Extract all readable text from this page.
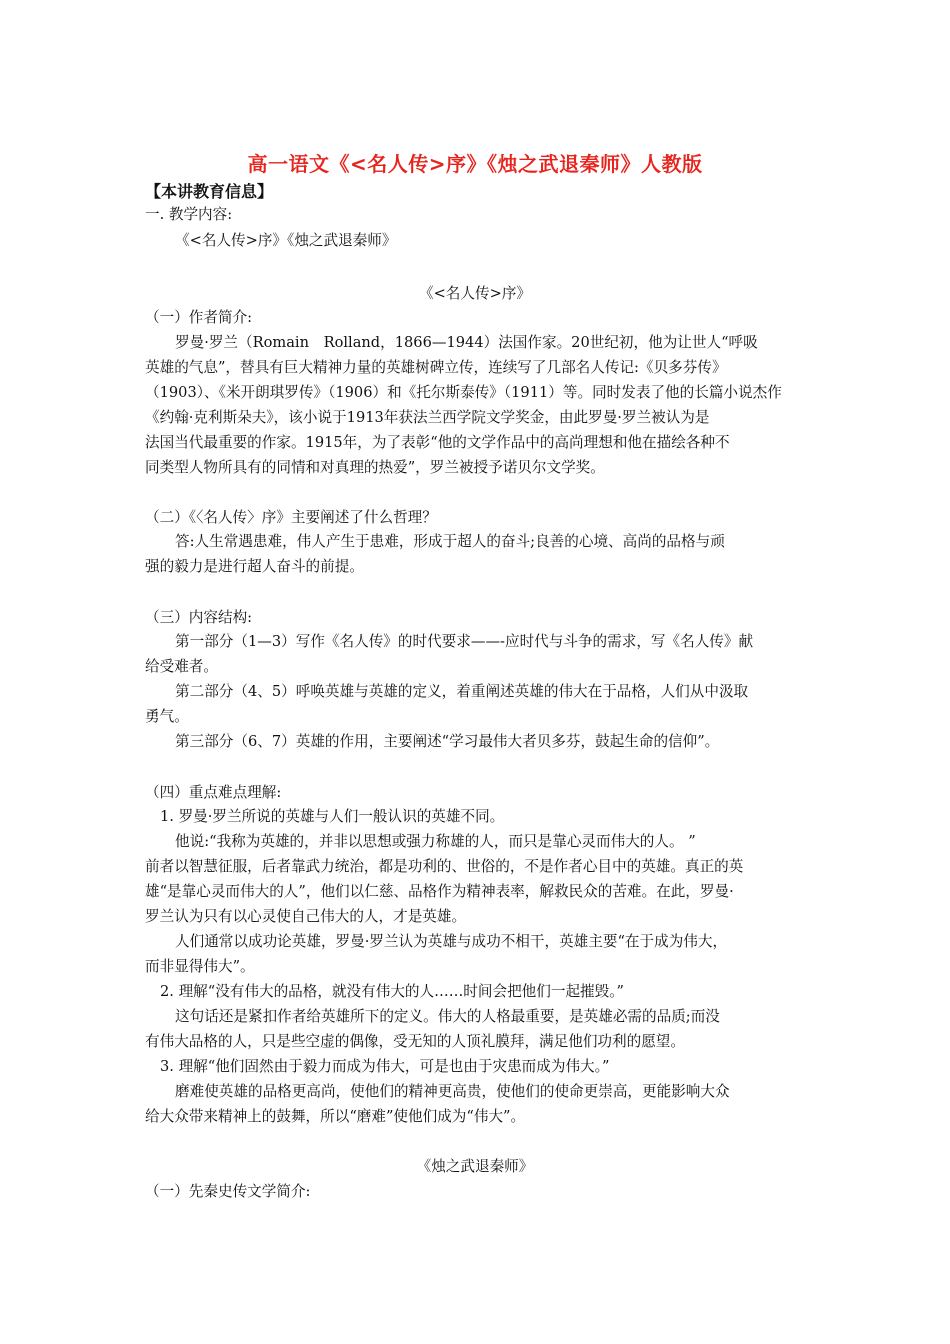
高一语文《<名人传>序》《烛之武退秦师》人教版
【本讲教育信息】
一. 教学内容:
《<名人传>序》《烛之武退秦师》
《<名人传>序》
（一）作者简介:
罗曼·罗兰（Romain　Rolland，1866—1944）法国作家。20世纪初，他为让世人“呼吸
英雄的气息”，替具有巨大精神力量的英雄树碑立传，连续写了几部名人传记:《贝多芬传》
（1903）、《米开朗琪罗传》（1906）和《托尔斯泰传》（1911）等。同时发表了他的长篇小说杰作
《约翰·克利斯朵夫》，该小说于1913年获法兰西学院文学奖金，由此罗曼·罗兰被认为是
法国当代最重要的作家。1915年，为了表彰“他的文学作品中的高尚理想和他在描绘各种不
同类型人物所具有的同情和对真理的热爱”，罗兰被授予诺贝尔文学奖。
（二）《〈名人传〉序》主要阐述了什么哲理？
答:人生常遇患难，伟人产生于患难，形成于超人的奋斗;良善的心境、高尚的品格与顽
强的毅力是进行超人奋斗的前提。
（三）内容结构:
第一部分（1—3）写作《名人传》的时代要求——-应时代与斗争的需求，写《名人传》献
给受难者。
第二部分（4、5）呼唤英雄与英雄的定义，着重阐述英雄的伟大在于品格，人们从中汲取
勇气。
第三部分（6、7）英雄的作用，主要阐述“学习最伟大者贝多芬，鼓起生命的信仰”。
（四）重点难点理解:
1. 罗曼·罗兰所说的英雄与人们一般认识的英雄不同。
他说:“我称为英雄的，并非以思想或强力称雄的人，而只是靠心灵而伟大的人。 ”
前者以智慧征服，后者靠武力统治，都是功利的、世俗的，不是作者心目中的英雄。真正的英
雄“是靠心灵而伟大的人”，他们以仁慈、品格作为精神表率，解救民众的苦难。在此，罗曼·
罗兰认为只有以心灵使自己伟大的人，才是英雄。
人们通常以成功论英雄，罗曼·罗兰认为英雄与成功不相干，英雄主要“在于成为伟大，
而非显得伟大”。
2. 理解“没有伟大的品格，就没有伟大的人……时间会把他们一起摧毁。”
这句话还是紧扣作者给英雄所下的定义。伟大的人格最重要，是英雄必需的品质;而没
有伟大品格的人，只是些空虚的偶像，受无知的人顶礼膜拜，满足他们功利的愿望。
3. 理解“他们固然由于毅力而成为伟大，可是也由于灾患而成为伟大。”
磨难使英雄的品格更高尚，使他们的精神更高贵，使他们的使命更崇高，更能影响大众
给大众带来精神上的鼓舞，所以“磨难”使他们成为“伟大”。
《烛之武退秦师》
（一）先秦史传文学简介:
